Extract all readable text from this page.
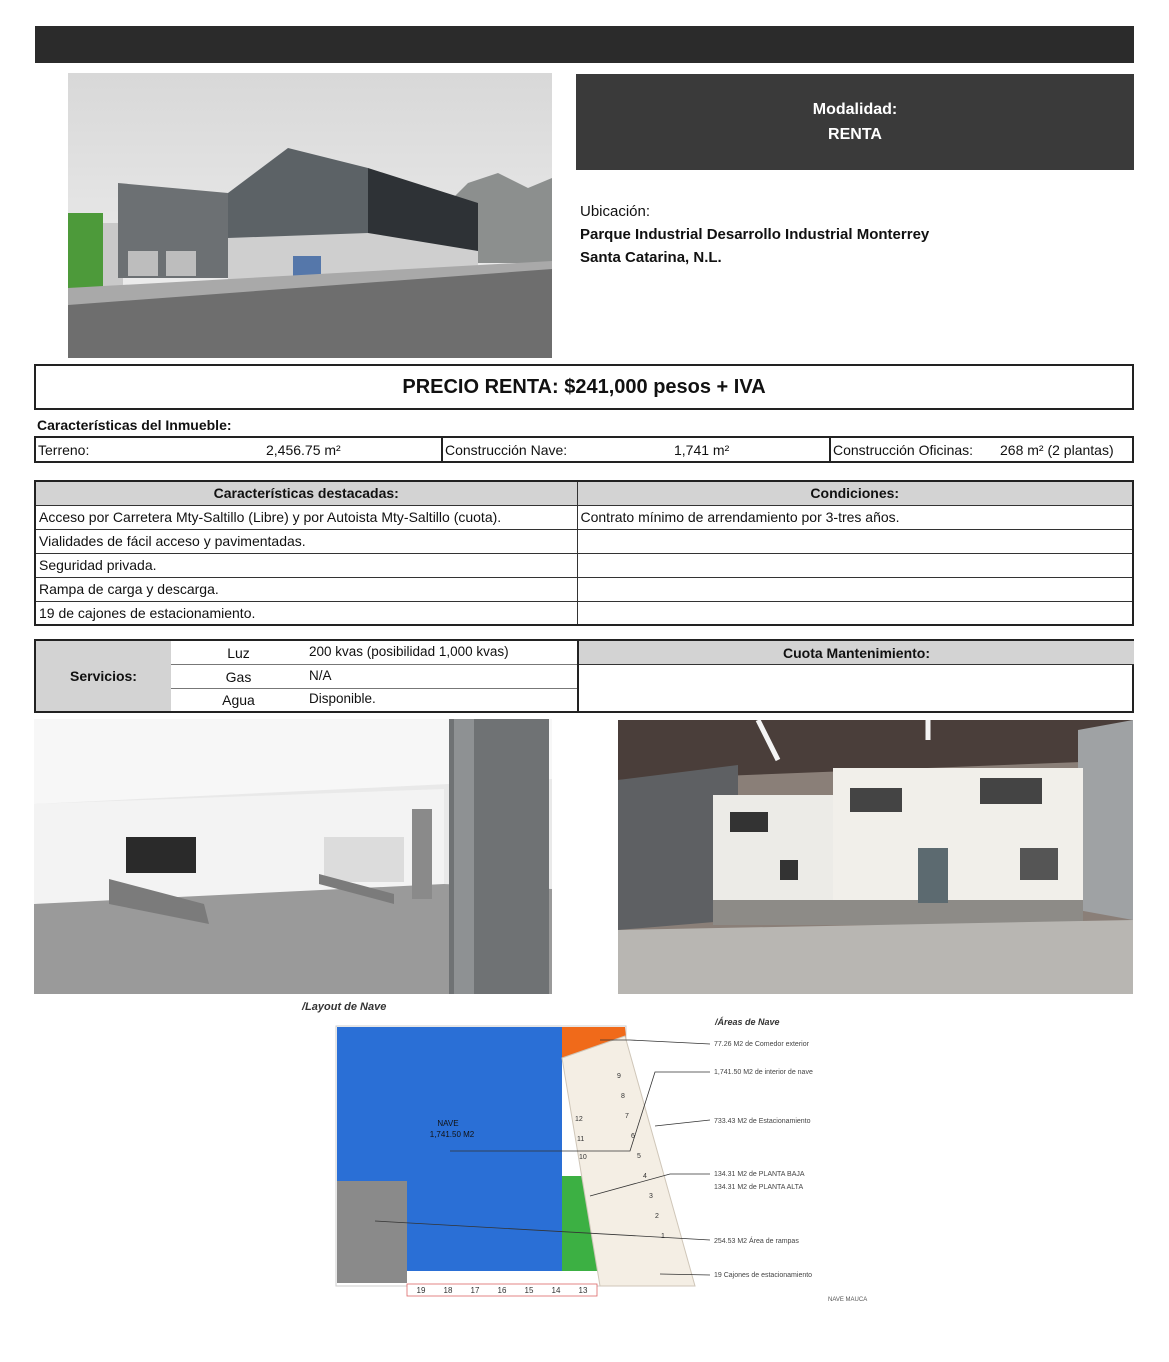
Modalidad:
RENTA
Ubicación:
Parque Industrial Desarrollo Industrial Monterrey
Santa Catarina, N.L.
PRECIO RENTA: $241,000 pesos + IVA
Características del Inmueble:
Terreno:	2,456.75 m²	Construcción Nave:	1,741 m²	Construcción Oficinas: 268 m² (2 plantas)
Características destacadas:	Condiciones:
Acceso por Carretera Mty-Saltillo (Libre) y por Autoista Mty-Saltillo (cuota).	Contrato mínimo de arrendamiento por 3-tres años.
Vialidades de fácil acceso y pavimentadas.	
Seguridad privada.	
Rampa de carga y descarga.	
19 de cajones de estacionamiento.	
Servicios:
Luz	200 kvas (posibilidad 1,000 kvas)
Gas	N/A
Agua	Disponible.
Cuota Mantenimiento:
/Layout de Nave
/Áreas de Nave
NAVE
1,741.50 M2
19 18 17 16 15 14 13
12
11
10
9
8
7
6
5
4
3
2
1
77.26 M2 de Comedor exterior
1,741.50 M2 de interior de nave
733.43 M2 de Estacionamiento
134.31 M2 de PLANTA BAJA
134.31 M2 de PLANTA ALTA
254.53 M2 Área de rampas
19 Cajones de estacionamiento
NAVE MAUCA
